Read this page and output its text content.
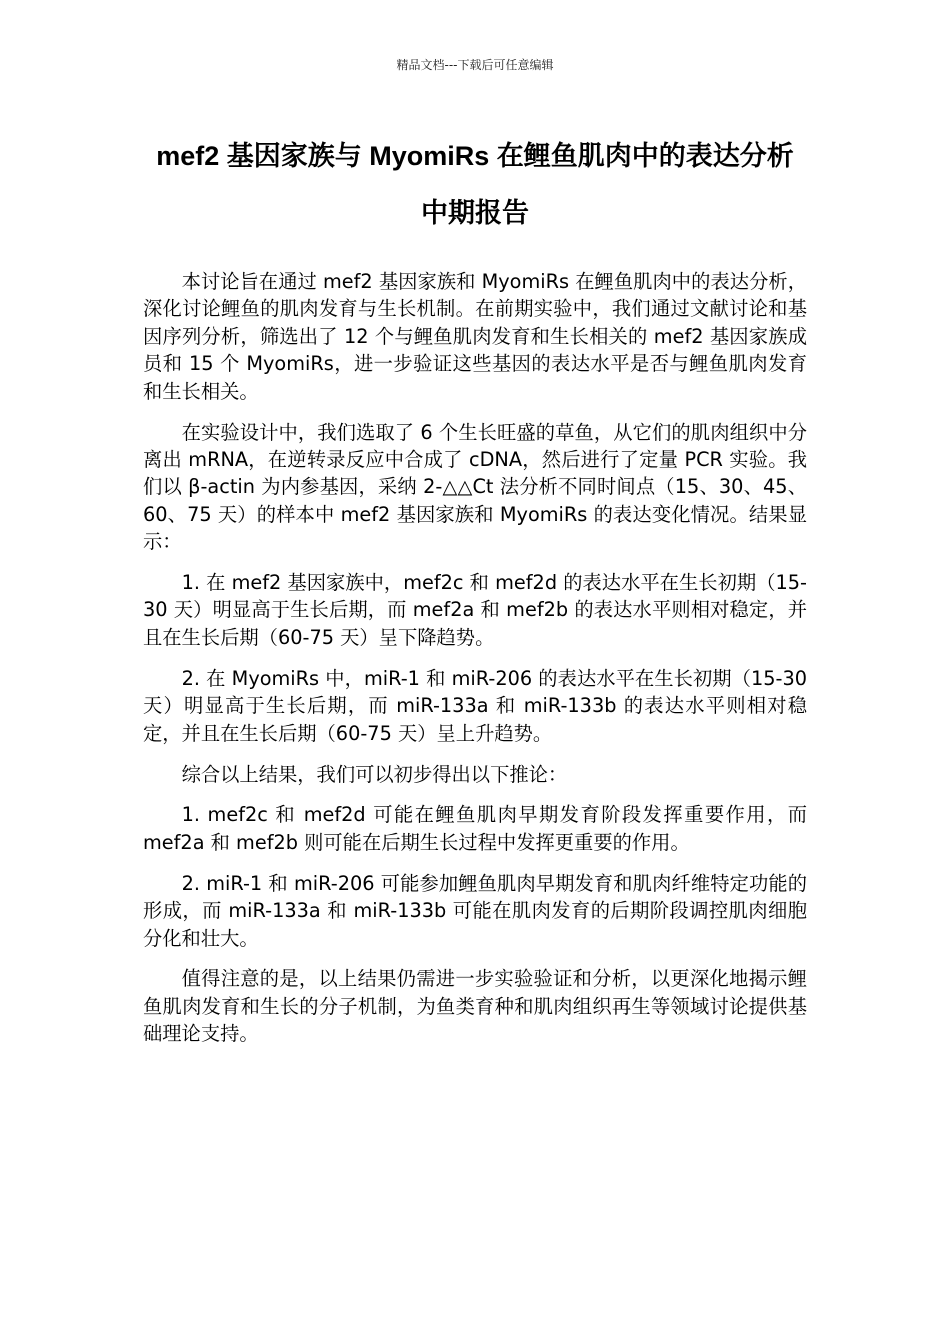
精品文档---下载后可任意编辑
mef2 基因家族与 MyomiRs 在鲤鱼肌肉中的表达分析
中期报告

本讨论旨在通过 mef2 基因家族和 MyomiRs 在鲤鱼肌肉中的表达分析，深化讨论鲤鱼的肌肉发育与生长机制。在前期实验中，我们通过文献讨论和基因序列分析，筛选出了 12 个与鲤鱼肌肉发育和生长相关的 mef2 基因家族成员和 15 个 MyomiRs，进一步验证这些基因的表达水平是否与鲤鱼肌肉发育和生长相关。

在实验设计中，我们选取了 6 个生长旺盛的草鱼，从它们的肌肉组织中分离出 mRNA，在逆转录反应中合成了 cDNA，然后进行了定量 PCR 实验。我们以 β-actin 为内参基因，采纳 2-△△Ct 法分析不同时间点（15、30、45、60、75 天）的样本中 mef2 基因家族和 MyomiRs 的表达变化情况。结果显示：

1. 在 mef2 基因家族中，mef2c 和 mef2d 的表达水平在生长初期（15-30 天）明显高于生长后期，而 mef2a 和 mef2b 的表达水平则相对稳定，并且在生长后期（60-75 天）呈下降趋势。

2. 在 MyomiRs 中，miR-1 和 miR-206 的表达水平在生长初期（15-30 天）明显高于生长后期，而 miR-133a 和 miR-133b 的表达水平则相对稳定，并且在生长后期（60-75 天）呈上升趋势。

综合以上结果，我们可以初步得出以下推论：

1. mef2c 和 mef2d 可能在鲤鱼肌肉早期发育阶段发挥重要作用，而 mef2a 和 mef2b 则可能在后期生长过程中发挥更重要的作用。

2. miR-1 和 miR-206 可能参加鲤鱼肌肉早期发育和肌肉纤维特定功能的形成，而 miR-133a 和 miR-133b 可能在肌肉发育的后期阶段调控肌肉细胞分化和壮大。

值得注意的是，以上结果仍需进一步实验验证和分析，以更深化地揭示鲤鱼肌肉发育和生长的分子机制，为鱼类育种和肌肉组织再生等领域讨论提供基础理论支持。
